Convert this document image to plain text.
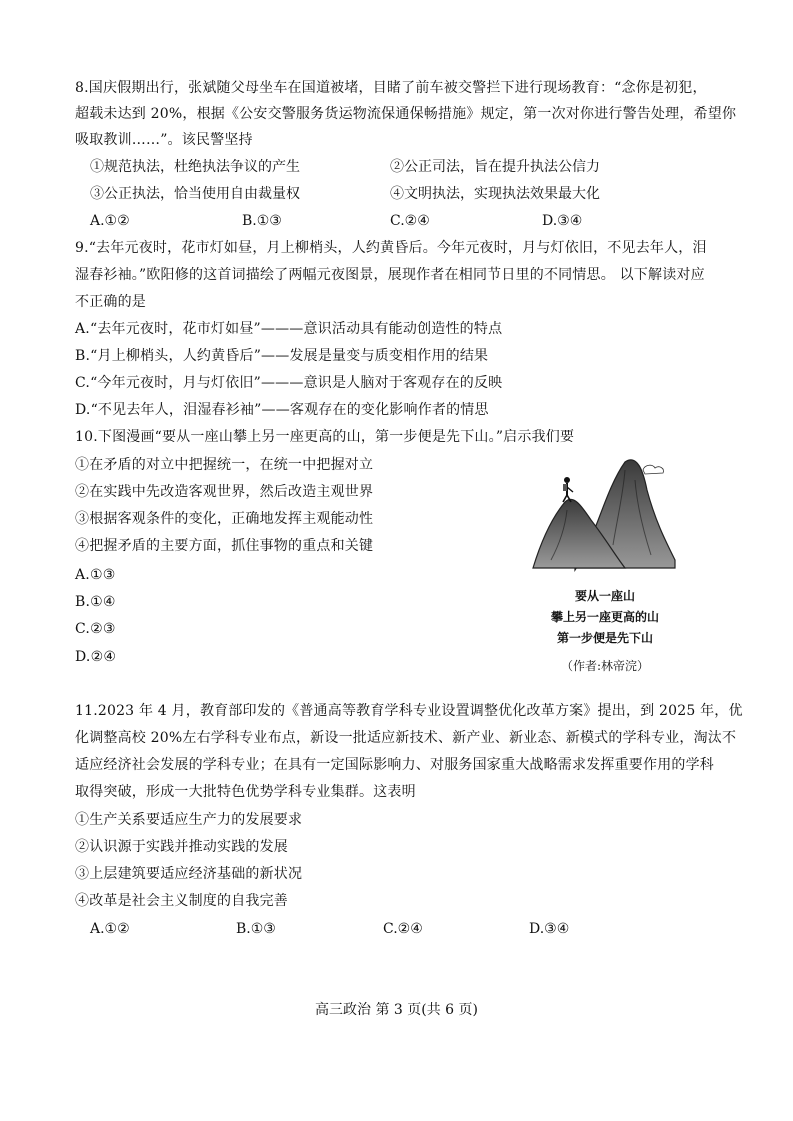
8.国庆假期出行，张斌随父母坐车在国道被堵，目睹了前车被交警拦下进行现场教育：“念你是初犯，
超载未达到 20%，根据《公安交警服务货运物流保通保畅措施》规定，第一次对你进行警告处理，希望你
吸取教训……”。该民警坚持
①规范执法，杜绝执法争议的产生	②公正司法，旨在提升执法公信力
③公正执法，恰当使用自由裁量权	④文明执法，实现执法效果最大化
A.①②	B.①③	C.②④	D.③④
9.“去年元夜时，花市灯如昼，月上柳梢头，人约黄昏后。今年元夜时，月与灯依旧，不见去年人，泪
湿春衫袖。”欧阳修的这首词描绘了两幅元夜图景，展现作者在相同节日里的不同情思。 以下解读对应
不正确的是
A.“去年元夜时，花市灯如昼”———意识活动具有能动创造性的特点
B.“月上柳梢头，人约黄昏后”——发展是量变与质变相作用的结果
C.“今年元夜时，月与灯依旧”———意识是人脑对于客观存在的反映
D.“不见去年人，泪湿春衫袖”——客观存在的变化影响作者的情思
10.下图漫画“要从一座山攀上另一座更高的山，第一步便是先下山。”启示我们要
①在矛盾的对立中把握统一，在统一中把握对立
②在实践中先改造客观世界，然后改造主观世界
③根据客观条件的变化，正确地发挥主观能动性
④把握矛盾的主要方面，抓住事物的重点和关键
A.①③
B.①④
C.②③
D.②④
要从一座山
攀上另一座更高的山
第一步便是先下山
（作者:林帝浣）
11.2023 年 4 月，教育部印发的《普通高等教育学科专业设置调整优化改革方案》提出，到 2025 年，优
化调整高校 20%左右学科专业布点，新设一批适应新技术、新产业、新业态、新模式的学科专业，淘汰不
适应经济社会发展的学科专业；在具有一定国际影响力、对服务国家重大战略需求发挥重要作用的学科
取得突破，形成一大批特色优势学科专业集群。这表明
①生产关系要适应生产力的发展要求
②认识源于实践并推动实践的发展
③上层建筑要适应经济基础的新状况
④改革是社会主义制度的自我完善
A.①②	B.①③	C.②④	D.③④
高三政治 第 3 页(共 6 页)
